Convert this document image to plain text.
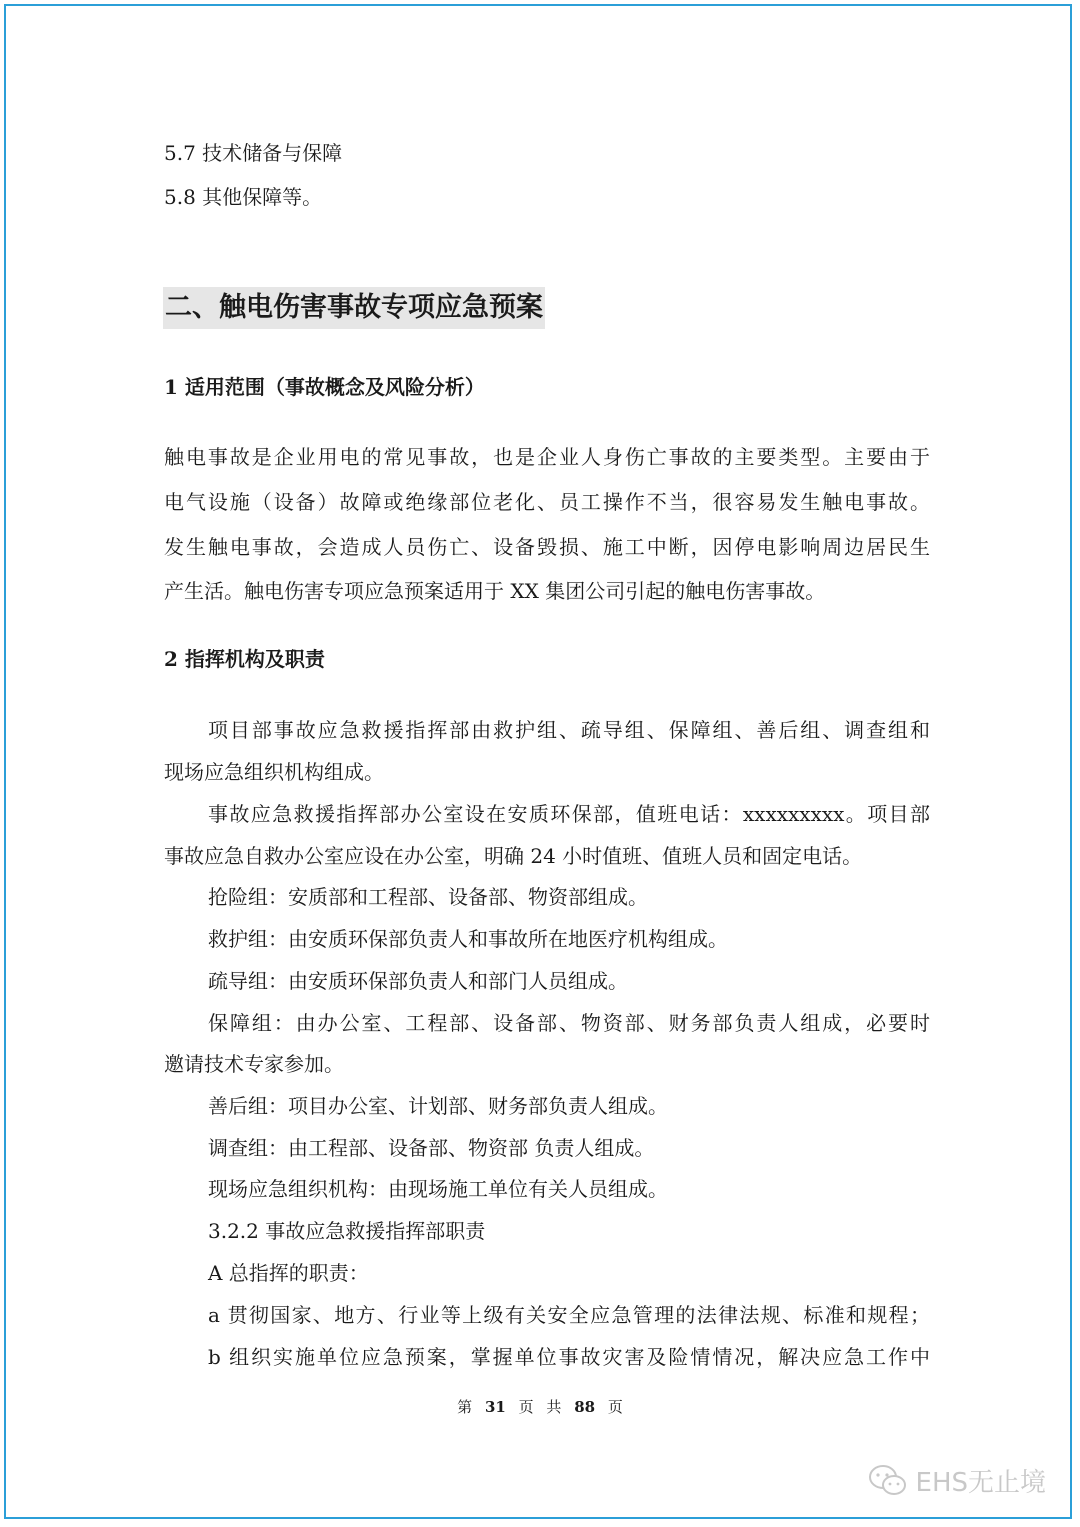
5.7 技术储备与保障
5.8 其他保障等。
二、触电伤害事故专项应急预案
1 适用范围（事故概念及风险分析）
触电事故是企业用电的常见事故，也是企业人身伤亡事故的主要类型。主要由于
电气设施（设备）故障或绝缘部位老化、员工操作不当，很容易发生触电事故。
发生触电事故，会造成人员伤亡、设备毁损、施工中断，因停电影响周边居民生
产生活。触电伤害专项应急预案适用于 XX 集团公司引起的触电伤害事故。
2 指挥机构及职责
项目部事故应急救援指挥部由救护组、疏导组、保障组、善后组、调查组和
现场应急组织机构组成。
事故应急救援指挥部办公室设在安质环保部，值班电话：xxxxxxxxx。项目部
事故应急自救办公室应设在办公室，明确 24 小时值班、值班人员和固定电话。
抢险组：安质部和工程部、设备部、物资部组成。
救护组：由安质环保部负责人和事故所在地医疗机构组成。
疏导组：由安质环保部负责人和部门人员组成。
保障组：由办公室、工程部、设备部、物资部、财务部负责人组成，必要时
邀请技术专家参加。
善后组：项目办公室、计划部、财务部负责人组成。
调查组：由工程部、设备部、物资部 负责人组成。
现场应急组织机构：由现场施工单位有关人员组成。
3.2.2 事故应急救援指挥部职责
A 总指挥的职责：
a 贯彻国家、地方、行业等上级有关安全应急管理的法律法规、标准和规程；
b 组织实施单位应急预案，掌握单位事故灾害及险情情况，解决应急工作中
第 31 页 共 88 页
EHS无止境
